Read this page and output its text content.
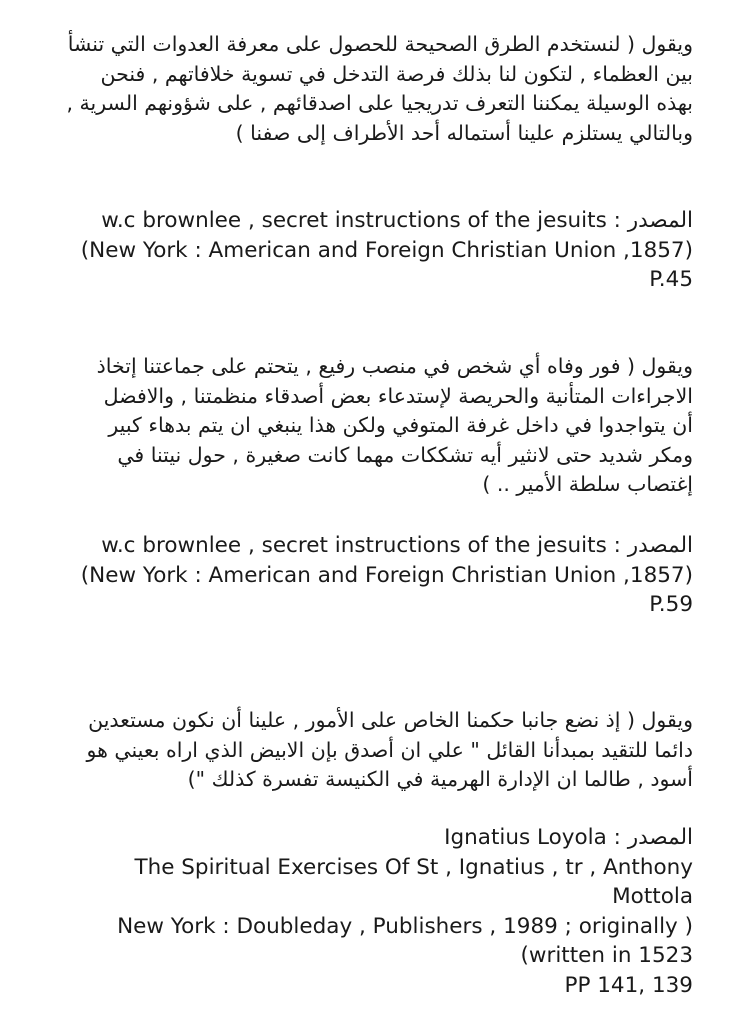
ويقول ( لنستخدم الطرق الصحيحة للحصول على معرفة العدوات التي تنشأ
بين العظماء , لتكون لنا بذلك فرصة التدخل في تسوية خلافاتهم , فنحن
بهذه الوسيلة يمكننا التعرف تدريجيا على اصدقائهم , على شؤونهم السرية ,
وبالتالي يستلزم علينا أستماله أحد الأطراف إلى صفنا )
w.c brownlee , secret instructions of the jesuits المصدر :
(New York : American and Foreign Christian Union ,1857)
P.45
ويقول ( فور وفاه أي شخص في منصب رفيع , يتحتم على جماعتنا إتخاذ
الاجراءات المتأنية والحريصة لإستدعاء بعض أصدقاء منظمتنا , والافضل
أن يتواجدوا في داخل غرفة المتوفي ولكن هذا ينبغي ان يتم بدهاء كبير
ومكر شديد حتى لانثير أيه تشككات مهما كانت صغيرة , حول نيتنا في
إغتصاب سلطة الأمير .. )
w.c brownlee , secret instructions of the jesuits المصدر :
(New York : American and Foreign Christian Union ,1857)
P.59
ويقول ( إذ نضع جانبا حكمنا الخاص على الأمور , علينا أن نكون مستعدين
دائما للتقيد بمبدأنا القائل " علي ان أصدق بإن الابيض الذي اراه بعيني هو
أسود , طالما ان الإدارة الهرمية في الكنيسة تفسرة كذلك ")
Ignatius Loyola المصدر :
The Spiritual Exercises Of St , Ignatius , tr , Anthony
Mottola
New York : Doubleday , Publishers , 1989 ; originally )
(written in 1523
PP 141, 139
